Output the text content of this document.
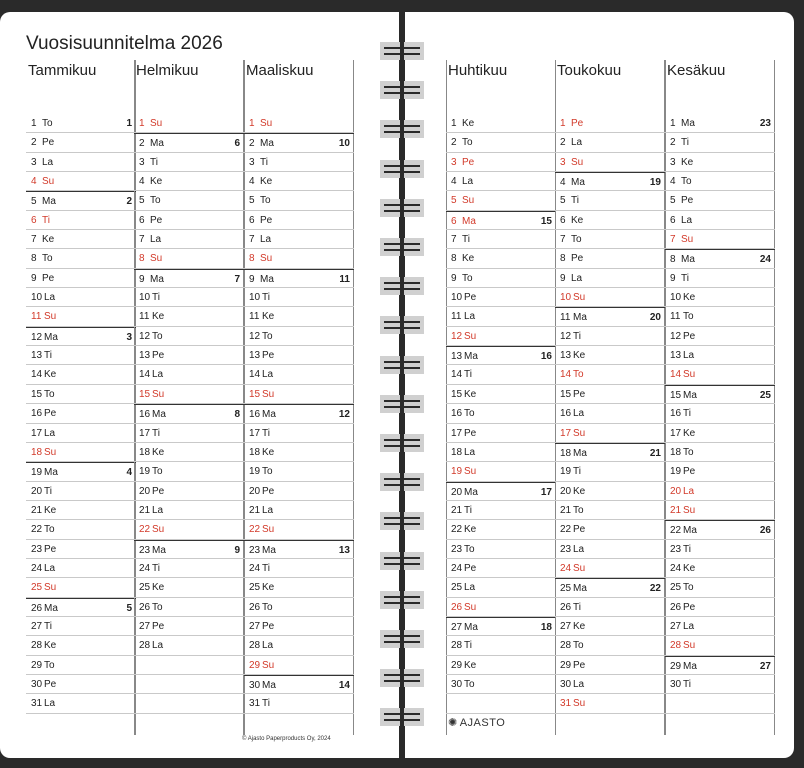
Vuosisuunnitelma 2026
Tammikuu
1 To	1
2 Pe
3 La
4 Su
5 Ma	2
6 Ti
7 Ke
8 To
9 Pe
10 La
11 Su
12 Ma	3
13 Ti
14 Ke
15 To
16 Pe
17 La
18 Su
19 Ma	4
20 Ti
21 Ke
22 To
23 Pe
24 La
25 Su
26 Ma	5
27 Ti
28 Ke
29 To
30 Pe
31 La
Helmikuu
1 Su
2 Ma	6
3 Ti
4 Ke
5 To
6 Pe
7 La
8 Su
9 Ma	7
10 Ti
11 Ke
12 To
13 Pe
14 La
15 Su
16 Ma	8
17 Ti
18 Ke
19 To
20 Pe
21 La
22 Su
23 Ma	9
24 Ti
25 Ke
26 To
27 Pe
28 La
Maaliskuu
1 Su
2 Ma	10
3 Ti
4 Ke
5 To
6 Pe
7 La
8 Su
9 Ma	11
10 Ti
11 Ke
12 To
13 Pe
14 La
15 Su
16 Ma	12
17 Ti
18 Ke
19 To
20 Pe
21 La
22 Su
23 Ma	13
24 Ti
25 Ke
26 To
27 Pe
28 La
29 Su
30 Ma	14
31 Ti
Huhtikuu
1 Ke
2 To
3 Pe
4 La
5 Su
6 Ma	15
7 Ti
8 Ke
9 To
10 Pe
11 La
12 Su
13 Ma	16
14 Ti
15 Ke
16 To
17 Pe
18 La
19 Su
20 Ma	17
21 Ti
22 Ke
23 To
24 Pe
25 La
26 Su
27 Ma	18
28 Ti
29 Ke
30 To
Toukokuu
1 Pe
2 La
3 Su
4 Ma	19
5 Ti
6 Ke
7 To
8 Pe
9 La
10 Su
11 Ma	20
12 Ti
13 Ke
14 To
15 Pe
16 La
17 Su
18 Ma	21
19 Ti
20 Ke
21 To
22 Pe
23 La
24 Su
25 Ma	22
26 Ti
27 Ke
28 To
29 Pe
30 La
31 Su
Kesäkuu
1 Ma	23
2 Ti
3 Ke
4 To
5 Pe
6 La
7 Su
8 Ma	24
9 Ti
10 Ke
11 To
12 Pe
13 La
14 Su
15 Ma	25
16 Ti
17 Ke
18 To
19 Pe
20 La
21 Su
22 Ma	26
23 Ti
24 Ke
25 To
26 Pe
27 La
28 Su
29 Ma	27
30 Ti
© Ajasto Paperproducts Oy, 2024
✺ AJASTO
